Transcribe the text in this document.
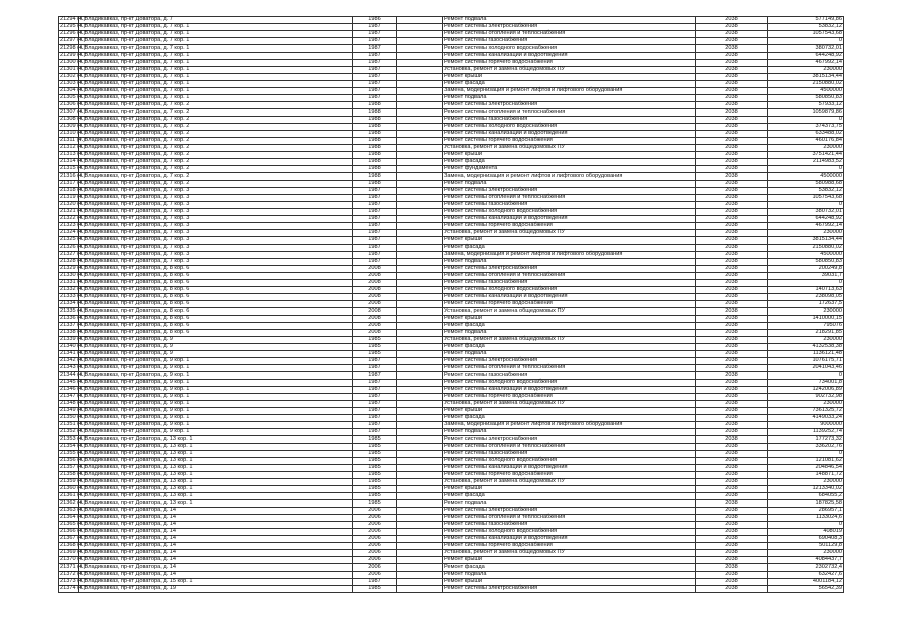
21294 (4.)	г. Владикавказ, пр-кт Доватора, д. 7	1986		Ремонт подвала	2038	577149,86
21295 (4.)	г. Владикавказ, пр-кт Доватора, д. 7 кор. 1	1987		Ремонт системы электроснабжения	2038	53832,12
21296 (4.)	г. Владикавказ, пр-кт Доватора, д. 7 кор. 1	1987		Ремонт системы отопления и теплоснабжения	2038	1057543,68
21297 (4.)	г. Владикавказ, пр-кт Доватора, д. 7 кор. 1	1987		Ремонт системы газоснабжения	2038	0
21298 (4.)	г. Владикавказ, пр-кт Доватора, д. 7 кор. 1	1987		Ремонт системы холодного водоснабжения	2038	380732,01
21299 (4.)	г. Владикавказ, пр-кт Доватора, д. 7 кор. 1	1987		Ремонт системы канализации и водоотведения	2038	644248,92
21300 (4.)	г. Владикавказ, пр-кт Доватора, д. 7 кор. 1	1987		Ремонт системы горячего водоснабжения	2038	467992,14
21301 (4.)	г. Владикавказ, пр-кт Доватора, д. 7 кор. 1	1987		Установка, ремонт и замена общедомовых ПУ	2038	230000
21302 (4.)	г. Владикавказ, пр-кт Доватора, д. 7 кор. 1	1987		Ремонт крыши	2038	3815134,44
21303 (4.)	г. Владикавказ, пр-кт Доватора, д. 7 кор. 1	1987		Ремонт фасада	2038	2150880,02
21304 (4.)	г. Владикавказ, пр-кт Доватора, д. 7 кор. 1	1987		Замена, модернизация и ремонт лифтов и лифтового оборудования	2038	4500000
21305 (4.)	г. Владикавказ, пр-кт Доватора, д. 7 кор. 1	1987		Ремонт подвала	2038	580850,83
21306 (4.)	г. Владикавказ, пр-кт Доватора, д. 7 кор. 2	1988		Ремонт системы электроснабжения	2038	57933,12
21307 (4.)	г. Владикавказ, пр-кт Доватора, д. 7 кор. 2	1988		Ремонт системы отопления и теплоснабжения	2038	1059879,86
21308 (4.)	г. Владикавказ, пр-кт Доватора, д. 7 кор. 2	1988		Ремонт системы газоснабжения	2038	0
21309 (4.)	г. Владикавказ, пр-кт Доватора, д. 7 кор. 2	1988		Ремонт системы холодного водоснабжения	2038	374373,75
21310 (4.)	г. Владикавказ, пр-кт Доватора, д. 7 кор. 2	1988		Ремонт системы канализации и водоотведения	2038	633488,02
21311 (4.)	г. Владикавказ, пр-кт Доватора, д. 7 кор. 2	1988		Ремонт системы горячего водоснабжения	2038	460176,84
21312 (4.)	г. Владикавказ, пр-кт Доватора, д. 7 кор. 2	1988		Установка, ремонт и замена общедомовых ПУ	2038	230000
21313 (4.)	г. Владикавказ, пр-кт Доватора, д. 7 кор. 2	1988		Ремонт крыши	2038	3751421,44
21314 (4.)	г. Владикавказ, пр-кт Доватора, д. 7 кор. 2	1988		Ремонт фасада	2038	2114983,52
21315 (4.)	г. Владикавказ, пр-кт Доватора, д. 7 кор. 2	1988		Ремонт фундамента	2038	0
21316 (4.)	г. Владикавказ, пр-кт Доватора, д. 7 кор. 2	1988		Замена, модернизация и ремонт лифтов и лифтового оборудования	2038	4500000
21317 (4.)	г. Владикавказ, пр-кт Доватора, д. 7 кор. 2	1988		Ремонт подвала	2038	580988,68
21318 (4.)	г. Владикавказ, пр-кт Доватора, д. 7 кор. 3	1987		Ремонт системы электроснабжения	2038	53832,12
21319 (4.)	г. Владикавказ, пр-кт Доватора, д. 7 кор. 3	1987		Ремонт системы отопления и теплоснабжения	2038	1057543,68
21320 (4.)	г. Владикавказ, пр-кт Доватора, д. 7 кор. 3	1987		Ремонт системы газоснабжения	2038	0
21321 (4.)	г. Владикавказ, пр-кт Доватора, д. 7 кор. 3	1987		Ремонт системы холодного водоснабжения	2038	380732,01
21322 (4.)	г. Владикавказ, пр-кт Доватора, д. 7 кор. 3	1987		Ремонт системы канализации и водоотведения	2038	644248,92
21323 (4.)	г. Владикавказ, пр-кт Доватора, д. 7 кор. 3	1987		Ремонт системы горячего водоснабжения	2038	467992,14
21324 (4.)	г. Владикавказ, пр-кт Доватора, д. 7 кор. 3	1987		Установка, ремонт и замена общедомовых ПУ	2038	230000
21325 (4.)	г. Владикавказ, пр-кт Доватора, д. 7 кор. 3	1987		Ремонт крыши	2038	3815134,44
21326 (4.)	г. Владикавказ, пр-кт Доватора, д. 7 кор. 3	1987		Ремонт фасада	2038	2150880,02
21327 (4.)	г. Владикавказ, пр-кт Доватора, д. 7 кор. 3	1987		Замена, модернизация и ремонт лифтов и лифтового оборудования	2038	4500000
21328 (4.)	г. Владикавказ, пр-кт Доватора, д. 7 кор. 3	1987		Ремонт подвала	2038	580850,83
21329 (4.)	г. Владикавказ, пр-кт Доватора, д. 8 кор. 6	2008		Ремонт системы электроснабжения	2038	200249,8
21330 (4.)	г. Владикавказ, пр-кт Доватора, д. 8 кор. 6	2008		Ремонт системы отопления и теплоснабжения	2038	39031,7
21331 (4.)	г. Владикавказ, пр-кт Доватора, д. 8 кор. 6	2008		Ремонт системы газоснабжения	2038	0
21332 (4.)	г. Владикавказ, пр-кт Доватора, д. 8 кор. 6	2008		Ремонт системы холодного водоснабжения	2038	140713,63
21333 (4.)	г. Владикавказ, пр-кт Доватора, д. 8 кор. 6	2008		Ремонт системы канализации и водоотведения	2038	238098,05
21334 (4.)	г. Владикавказ, пр-кт Доватора, д. 8 кор. 6	2008		Ремонт системы горячего водоснабжения	2038	172637,5
21335 (4.)	г. Владикавказ, пр-кт Доватора, д. 8 кор. 6	2008		Установка, ремонт и замена общедомовых ПУ	2038	230000
21336 (4.)	г. Владикавказ, пр-кт Доватора, д. 8 кор. 6	2008		Ремонт крыши	2038	1410000,15
21337 (4.)	г. Владикавказ, пр-кт Доватора, д. 8 кор. 6	2008		Ремонт фасада	2038	795076
21338 (4.)	г. Владикавказ, пр-кт Доватора, д. 8 кор. 6	2008		Ремонт подвала	2038	218291,85
21339 (4.)	г. Владикавказ, пр-кт Доватора, д. 9	1985		Установка, ремонт и замена общедомовых ПУ	2038	230000
21340 (4.)	г. Владикавказ, пр-кт Доватора, д. 9	1985		Ремонт фасада	2038	4132538,38
21341 (4.)	г. Владикавказ, пр-кт Доватора, д. 9	1985		Ремонт подвала	2038	1136121,48
21342 (4.)	г. Владикавказ, пр-кт Доватора, д. 9 кор. 1	1987		Ремонт системы электроснабжения	2038	1076175,71
21343 (4.)	г. Владикавказ, пр-кт Доватора, д. 9 кор. 1	1987		Ремонт системы отопления и теплоснабжения	2038	2041043,46
21344 (4.)	г. Владикавказ, пр-кт Доватора, д. 9 кор. 1	1987		Ремонт системы газоснабжения	2038	0
21345 (4.)	г. Владикавказ, пр-кт Доватора, д. 9 кор. 1	1987		Ремонт системы холодного водоснабжения	2038	734001,8
21346 (4.)	г. Владикавказ, пр-кт Доватора, д. 9 кор. 1	1987		Ремонт системы канализации и водоотведения	2038	1242006,89
21347 (4.)	г. Владикавказ, пр-кт Доватора, д. 9 кор. 1	1987		Ремонт системы горячего водоснабжения	2038	902732,98
21348 (4.)	г. Владикавказ, пр-кт Доватора, д. 9 кор. 1	1987		Установка, ремонт и замена общедомовых ПУ	2038	230000
21349 (4.)	г. Владикавказ, пр-кт Доватора, д. 9 кор. 1	1987		Ремонт крыши	2038	7361325,72
21350 (4.)	г. Владикавказ, пр-кт Доватора, д. 9 кор. 1	1987		Ремонт фасада	2038	4149033,24
21351 (4.)	г. Владикавказ, пр-кт Доватора, д. 9 кор. 1	1987		Замена, модернизация и ремонт лифтов и лифтового оборудования	2038	9000000
21352 (4.)	г. Владикавказ, пр-кт Доватора, д. 9 кор. 1	1987		Ремонт подвала	2038	1139252,74
21353 (4.)	г. Владикавказ, пр-кт Доватора, д. 13 кор. 1	1985		Ремонт системы электроснабжения	2038	177273,32
21354 (4.)	г. Владикавказ, пр-кт Доватора, д. 13 кор. 1	1985		Ремонт системы отопления и теплоснабжения	2038	336202,76
21355 (4.)	г. Владикавказ, пр-кт Доватора, д. 13 кор. 1	1985		Ремонт системы газоснабжения	2038	0
21356 (4.)	г. Владикавказ, пр-кт Доватора, д. 13 кор. 1	1985		Ремонт системы холодного водоснабжения	2038	121081,62
21357 (4.)	г. Владикавказ, пр-кт Доватора, д. 13 кор. 1	1985		Ремонт системы канализации и водоотведения	2038	204846,54
21358 (4.)	г. Владикавказ, пр-кт Доватора, д. 13 кор. 1	1985		Ремонт системы горячего водоснабжения	2038	148871,72
21359 (4.)	г. Владикавказ, пр-кт Доватора, д. 13 кор. 1	1985		Установка, ремонт и замена общедомовых ПУ	2038	230000
21360 (4.)	г. Владикавказ, пр-кт Доватора, д. 13 кор. 1	1985		Ремонт крыши	2038	1213340,02
21361 (4.)	г. Владикавказ, пр-кт Доватора, д. 13 кор. 1	1985		Ремонт фасада	2038	684055,2
21362 (4.)	г. Владикавказ, пр-кт Доватора, д. 13 кор. 1	1985		Ремонт подвала	2038	187825,58
21363 (4.)	г. Владикавказ, пр-кт Доватора, д. 14	2006		Ремонт системы электроснабжения	2038	286957,1
21364 (4.)	г. Владикавказ, пр-кт Доватора, д. 14	2006		Ремонт системы отопления и теплоснабжения	2038	1133024,6
21365 (4.)	г. Владикавказ, пр-кт Доватора, д. 14	2006		Ремонт системы газоснабжения	2038	0
21366 (4.)	г. Владикавказ, пр-кт Доватора, д. 14	2006		Ремонт системы холодного водоснабжения	2038	408019
21367 (4.)	г. Владикавказ, пр-кт Доватора, д. 14	2006		Ремонт системы канализации и водоотведения	2038	690408,3
21368 (4.)	г. Владикавказ, пр-кт Доватора, д. 14	2006		Ремонт системы горячего водоснабжения	2038	501129,8
21369 (4.)	г. Владикавказ, пр-кт Доватора, д. 14	2006		Установка, ремонт и замена общедомовых ПУ	2038	230000
21370 (4.)	г. Владикавказ, пр-кт Доватора, д. 14	2006		Ремонт крыши	2038	4084437,7
21371 (4.)	г. Владикавказ, пр-кт Доватора, д. 14	2006		Ремонт фасада	2038	2302732,4
21372 (4.)	г. Владикавказ, пр-кт Доватора, д. 14	2006		Ремонт подвала	2038	632427,6
21373 (4.)	г. Владикавказ, пр-кт Доватора, д. 15 кор. 1	1987		Ремонт крыши	2038	4001184,12
21374 (4.)	г. Владикавказ, пр-кт Доватора, д. 19	1985		Ремонт системы электроснабжения	2038	56542,39
